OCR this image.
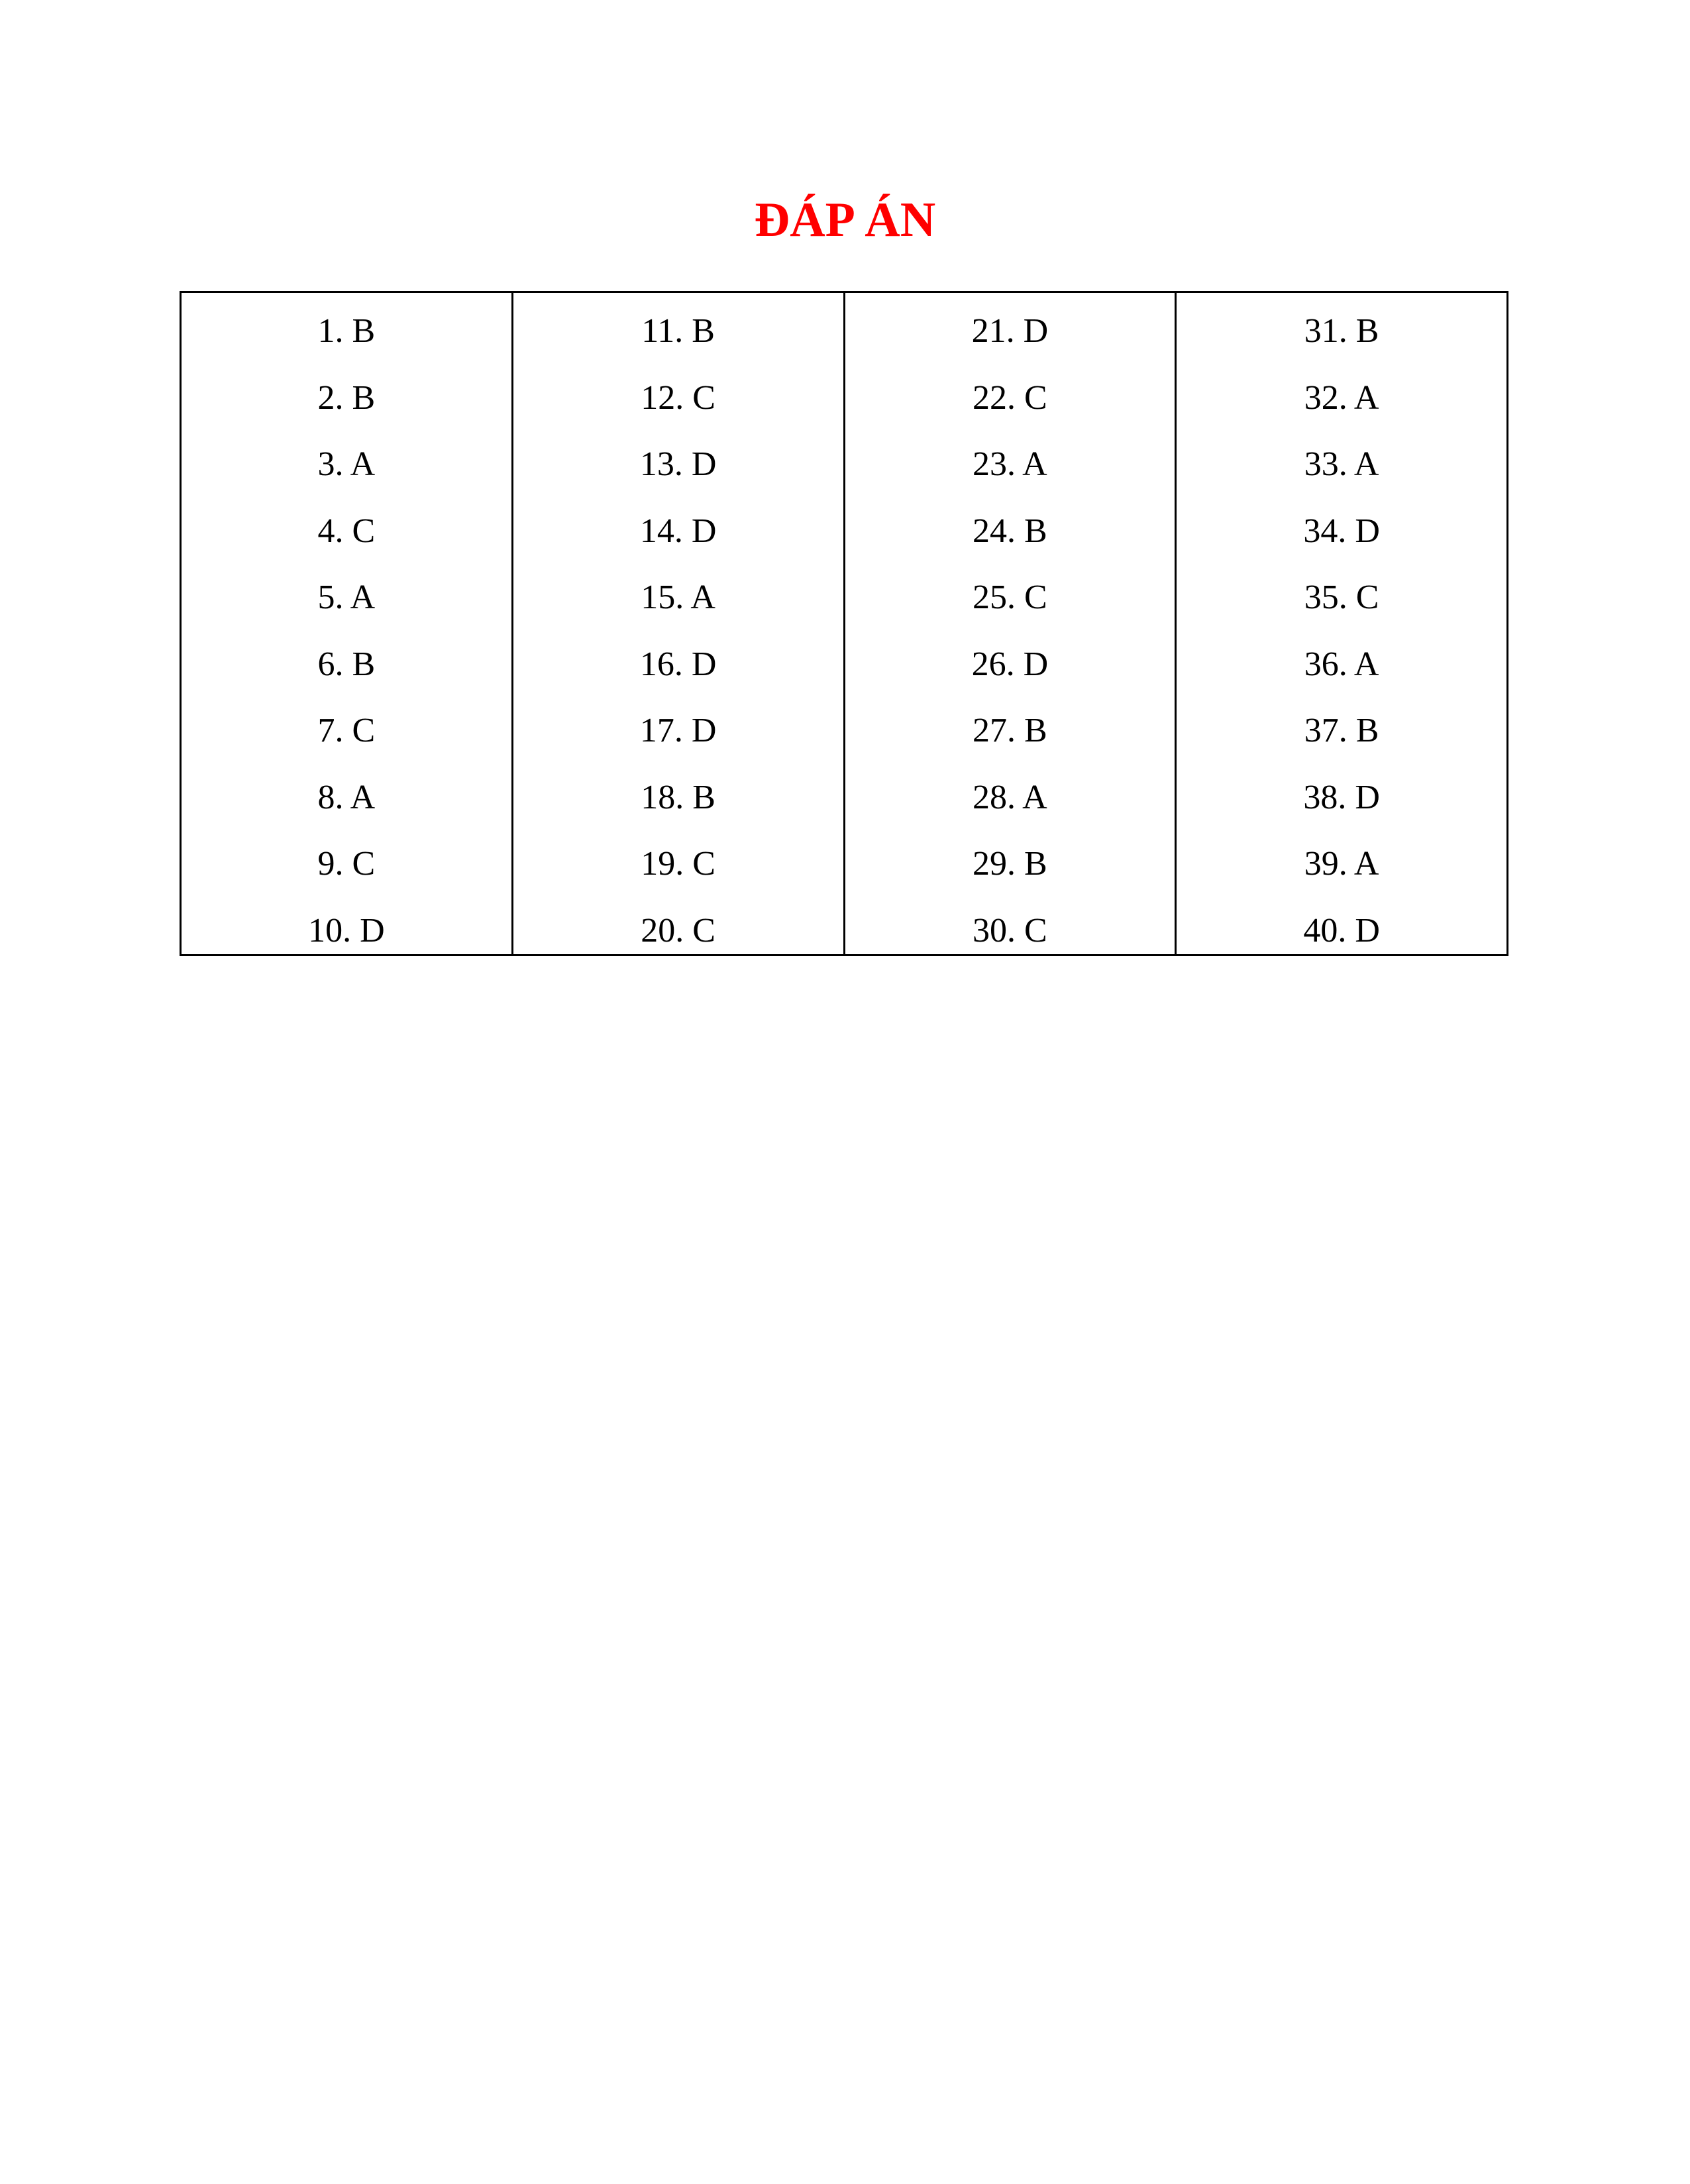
ĐÁP ÁN
1. B
2. B
3. A
4. C
5. A
6. B
7. C
8. A
9. C
10. D
11. B
12. C
13. D
14. D
15. A
16. D
17. D
18. B
19. C
20. C
21. D
22. C
23. A
24. B
25. C
26. D
27. B
28. A
29. B
30. C
31. B
32. A
33. A
34. D
35. C
36. A
37. B
38. D
39. A
40. D
